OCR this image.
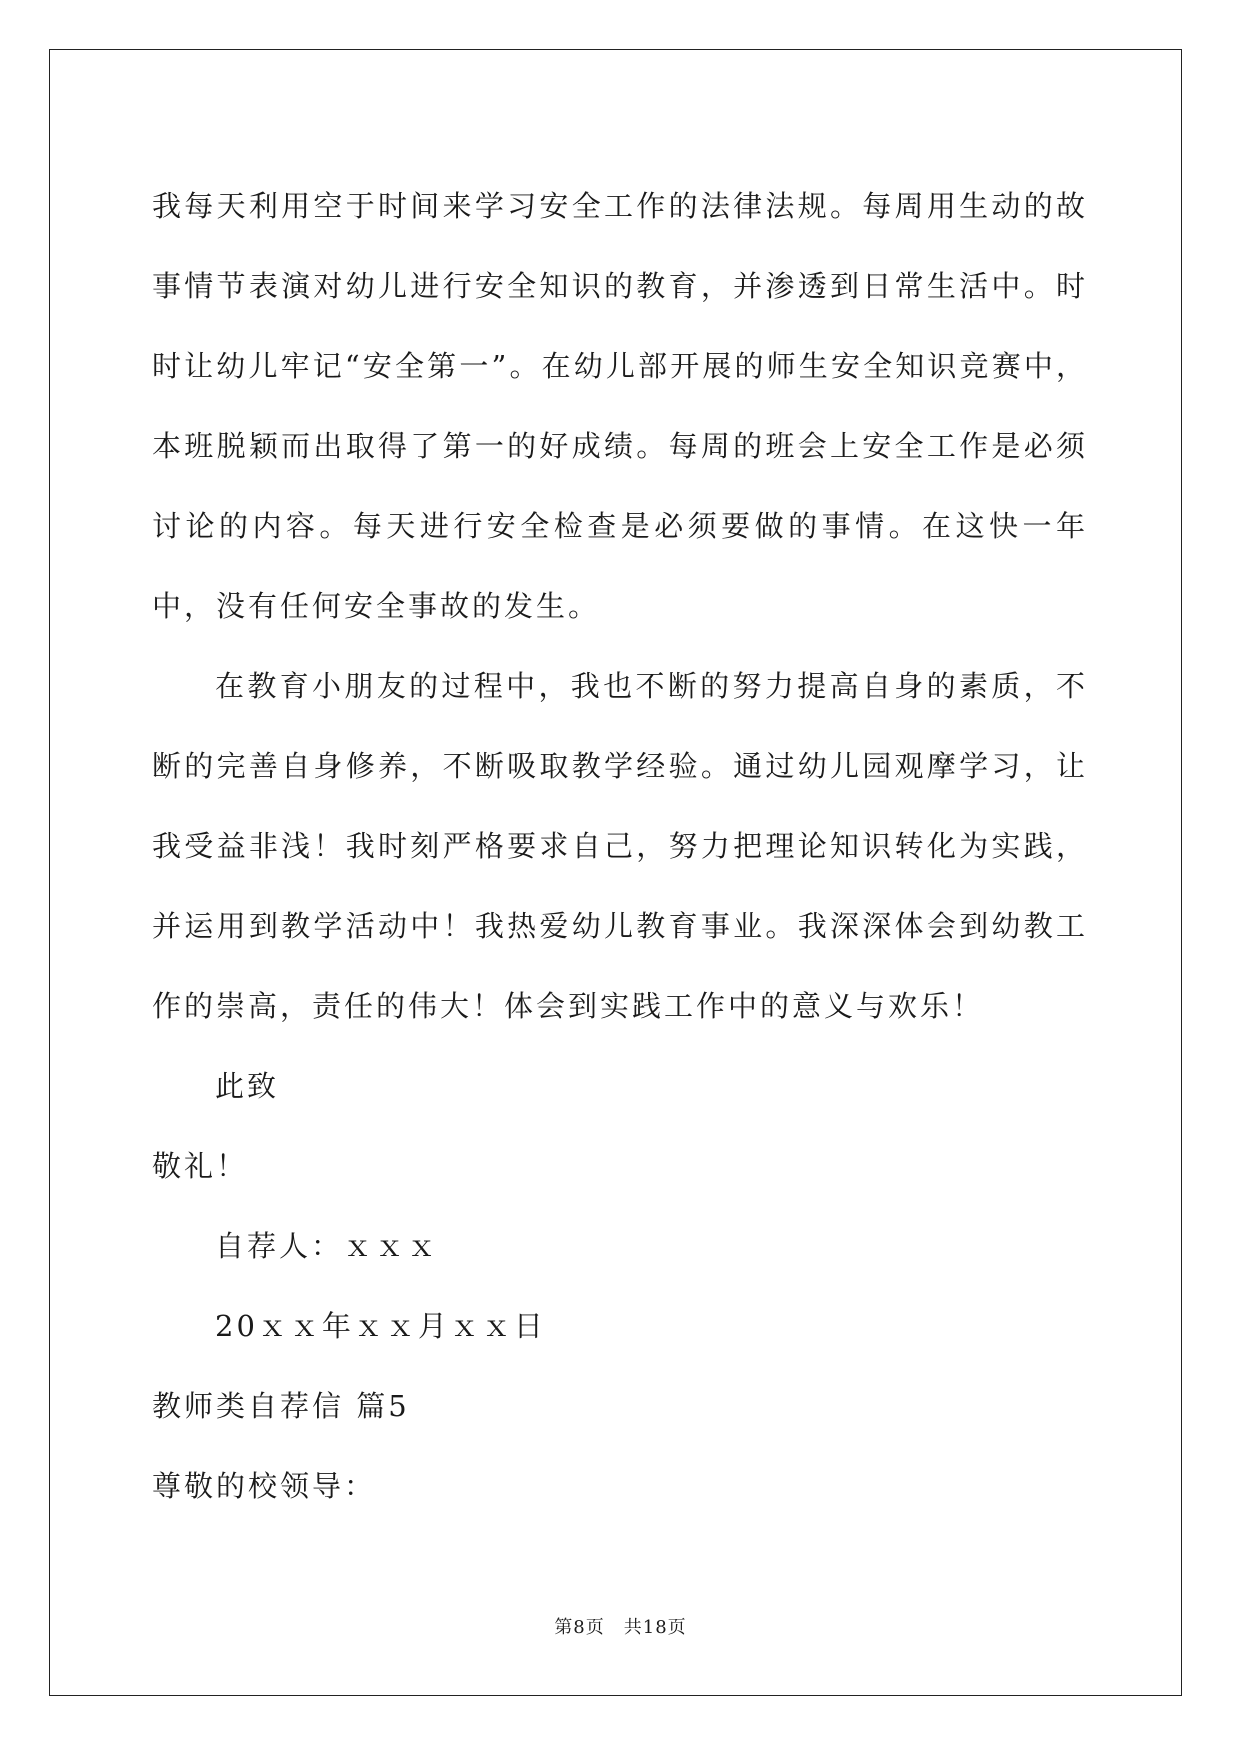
我每天利用空于时间来学习安全工作的法律法规。每周用生动的故事情节表演对幼儿进行安全知识的教育，并渗透到日常生活中。时时让幼儿牢记“安全第一”。在幼儿部开展的师生安全知识竞赛中，本班脱颖而出取得了第一的好成绩。每周的班会上安全工作是必须讨论的内容。每天进行安全检查是必须要做的事情。在这快一年中，没有任何安全事故的发生。

在教育小朋友的过程中，我也不断的努力提高自身的素质，不断的完善自身修养，不断吸取教学经验。通过幼儿园观摩学习，让我受益非浅！我时刻严格要求自己，努力把理论知识转化为实践，并运用到教学活动中！我热爱幼儿教育事业。我深深体会到幼教工作的崇高，责任的伟大！体会到实践工作中的意义与欢乐！

此致

敬礼！

自荐人：ｘｘｘ

20ｘｘ年ｘｘ月ｘｘ日

教师类自荐信 篇5

尊敬的校领导：

第8页　共18页
